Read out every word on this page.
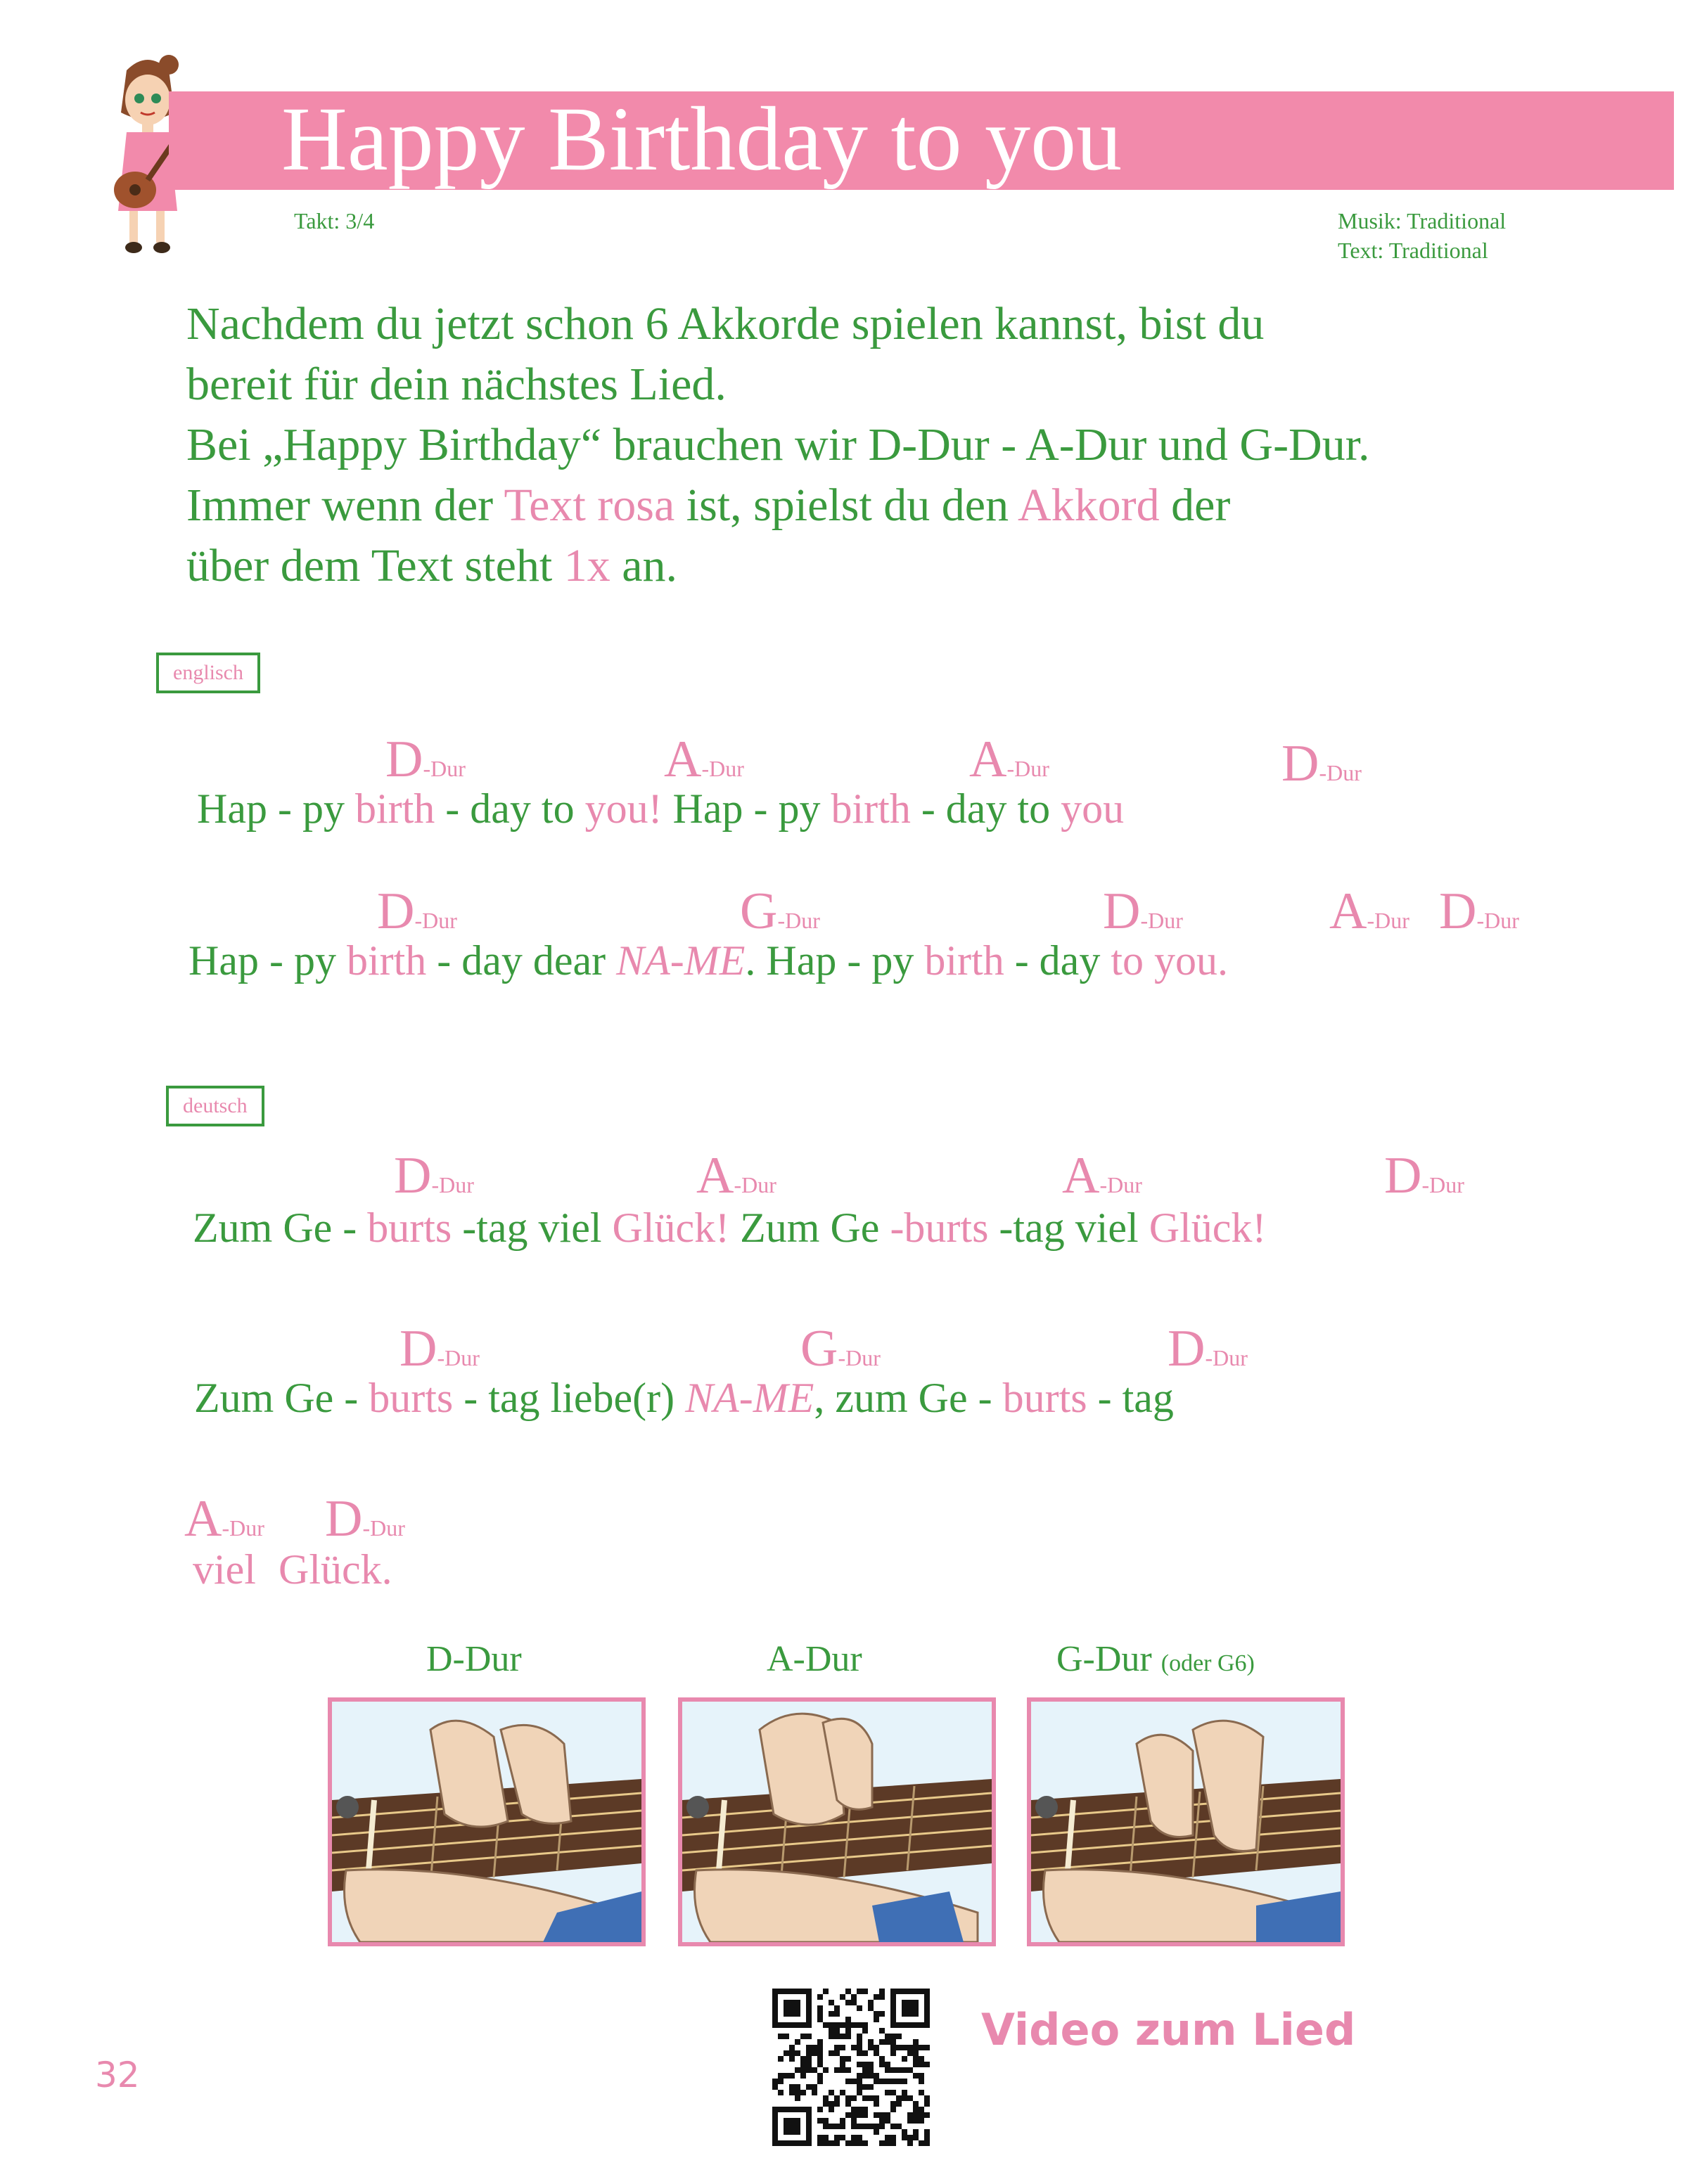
Happy Birthday to you
Takt: 3/4	Musik: Traditional
Text: Traditional

Nachdem du jetzt schon 6 Akkorde spielen kannst, bist du

bereit für dein nächstes Lied.

Bei „Happy Birthday“ brauchen wir D-Dur - A-Dur und G-Dur.

Immer wenn der Text rosa ist, spielst du den Akkord der

über dem Text steht 1x an.

englisch
D-Dur	A-Dur	A-Dur	D-Dur
Hap - py birth - day to you! Hap - py birth - day to you
D-Dur	G-Dur	D-Dur	A-Dur D-Dur
Hap - py birth - day dear NA-ME. Hap - py birth - day to you.
deutsch
D-Dur	A-Dur	A-Dur	D-Dur
Zum Ge - burts -tag viel Glück! Zum Ge -burts -tag viel Glück!
D-Dur	G-Dur	D-Dur
Zum Ge - burts - tag liebe(r) NA-ME, zum Ge - burts - tag
A-Dur D-Dur
viel Glück.
D-Dur	A-Dur	G-Dur (oder G6)
Video zum Lied
32
